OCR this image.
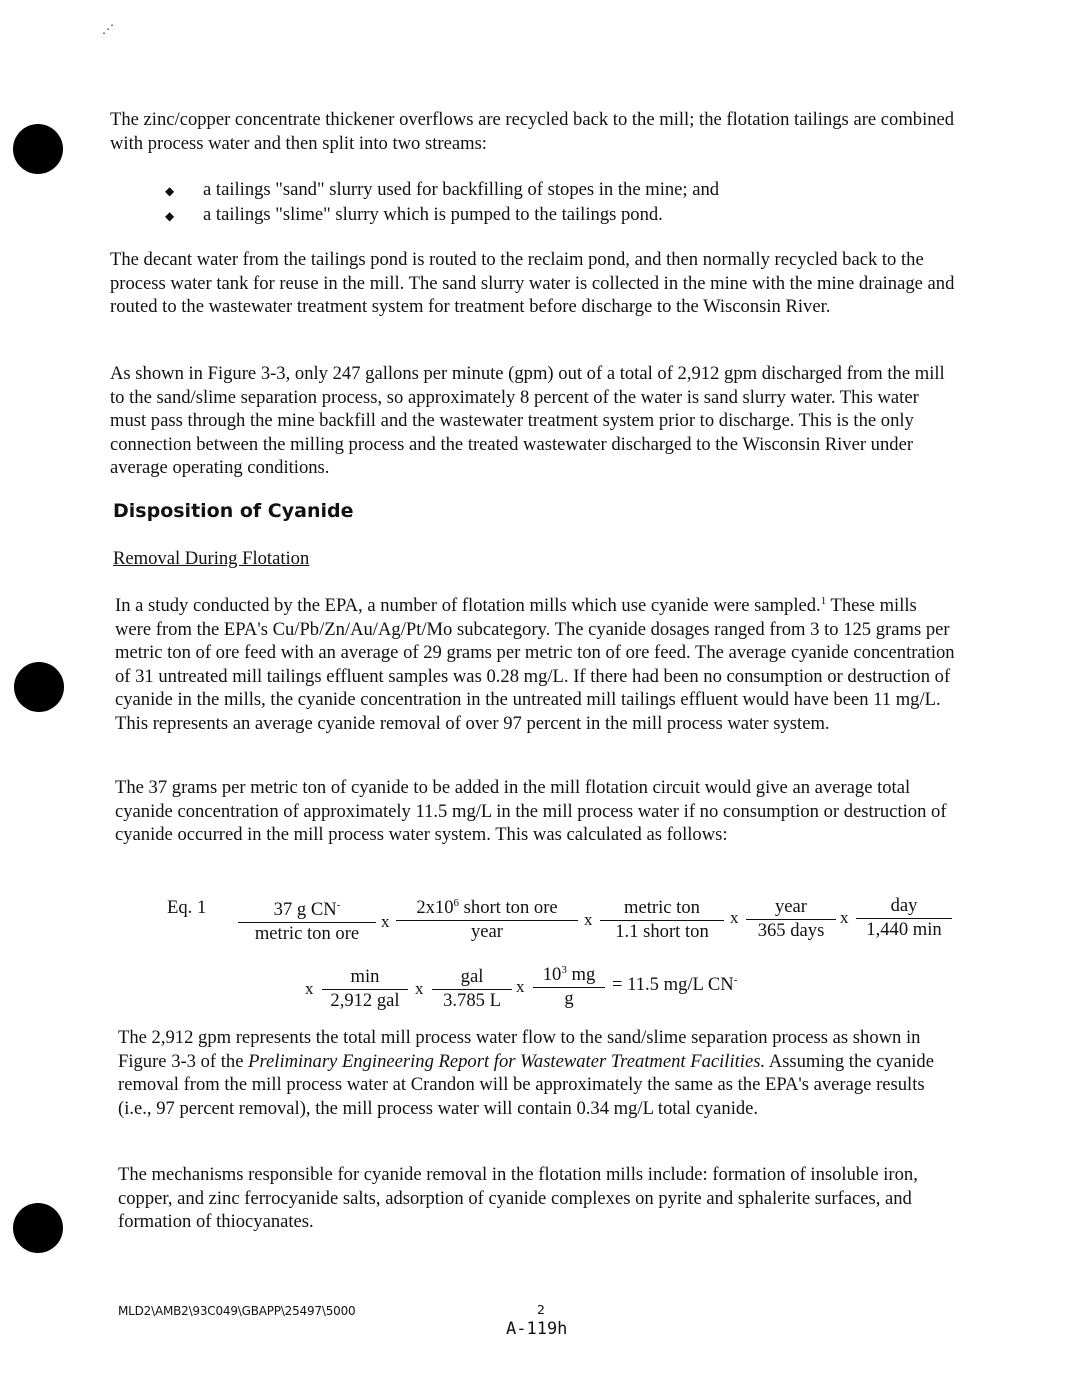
⋰

The zinc/copper concentrate thickener overflows are recycled back to the mill; the flotation tailings are combined with process water and then split into two streams:

◆	a tailings "sand" slurry used for backfilling of stopes in the mine; and
◆	a tailings "slime" slurry which is pumped to the tailings pond.

The decant water from the tailings pond is routed to the reclaim pond, and then normally recycled back to the process water tank for reuse in the mill. The sand slurry water is collected in the mine with the mine drainage and routed to the wastewater treatment system for treatment before discharge to the Wisconsin River.

As shown in Figure 3-3, only 247 gallons per minute (gpm) out of a total of 2,912 gpm discharged from the mill to the sand/slime separation process, so approximately 8 percent of the water is sand slurry water. This water must pass through the mine backfill and the wastewater treatment system prior to discharge. This is the only connection between the milling process and the treated wastewater discharged to the Wisconsin River under average operating conditions.

Disposition of Cyanide
Removal During Flotation

In a study conducted by the EPA, a number of flotation mills which use cyanide were sampled.$^1$ These mills were from the EPA's Cu/Pb/Zn/Au/Ag/Pt/Mo subcategory. The cyanide dosages ranged from 3 to 125 grams per metric ton of ore feed with an average of 29 grams per metric ton of ore feed. The average cyanide concentration of 31 untreated mill tailings effluent samples was 0.28 mg/L. If there had been no consumption or destruction of cyanide in the mills, the cyanide concentration in the untreated mill tailings effluent would have been 11 mg/L. This represents an average cyanide removal of over 97 percent in the mill process water system.

The 37 grams per metric ton of cyanide to be added in the mill flotation circuit would give an average total cyanide concentration of approximately 11.5 mg/L in the mill process water if no consumption or destruction of cyanide occurred in the mill process water system. This was calculated as follows:

Eq. 1	37 g CN-
metric ton ore
x
$2x10^6$ short ton ore
year
x
metric ton
1.1 short ton
x
year
365 days
x
day
1,440 min
x
min
2,912 gal
x
gal
3.785 L
x $\frac{10^3 mg}{g} = 11.5$ mg/L CN-

The 2,912 gpm represents the total mill process water flow to the sand/slime separation process as shown in Figure 3-3 of the Preliminary Engineering Report for Wastewater Treatment Facilities. Assuming the cyanide removal from the mill process water at Crandon will be approximately the same as the EPA's average results (i.e., 97 percent removal), the mill process water will contain 0.34 mg/L total cyanide.

The mechanisms responsible for cyanide removal in the flotation mills include: formation of insoluble iron, copper, and zinc ferrocyanide salts, adsorption of cyanide complexes on pyrite and sphalerite surfaces, and formation of thiocyanates.

MLD2\AMB2\93C049\GBAPP\25497\5000	2
A-119h
